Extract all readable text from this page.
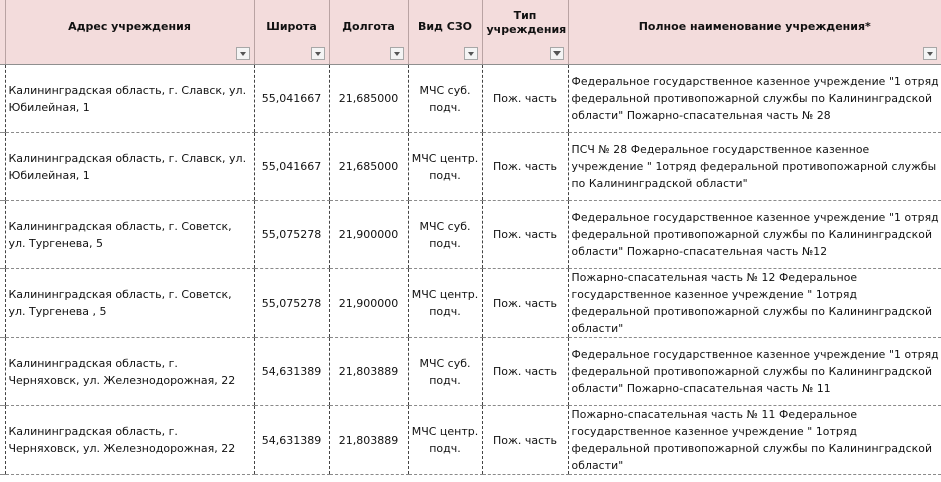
	Адрес учреждения	Широта	Долгота	Вид СЗО	Тип учреждения	Полное наименование учреждения*

	Калининградская область, г. Славск, ул. Юбилейная, 1	55,041667	21,685000	МЧС суб. подч.	Пож. часть	Федеральное государственное казенное учреждение "1 отряд федеральной противопожарной службы по Калининградской области" Пожарно-спасательная часть № 28
	Калининградская область, г. Славск, ул. Юбилейная, 1	55,041667	21,685000	МЧС центр. подч.	Пож. часть	ПСЧ № 28 Федеральное государственное казенное учреждение " 1отряд федеральной противопожарной службы по Калининградской области"
	Калининградская область, г. Советск, ул. Тургенева, 5	55,075278	21,900000	МЧС суб. подч.	Пож. часть	Федеральное государственное казенное учреждение "1 отряд федеральной противопожарной службы по Калининградской области" Пожарно-спасательная часть №12
	Калининградская область, г. Советск, ул. Тургенева , 5	55,075278	21,900000	МЧС центр. подч.	Пож. часть	Пожарно-спасательная часть № 12 Федеральное государственное казенное учреждение " 1отряд федеральной противопожарной службы по Калининградской области"
	Калининградская область, г. Черняховск, ул. Железнодорожная, 22	54,631389	21,803889	МЧС суб. подч.	Пож. часть	Федеральное государственное казенное учреждение "1 отряд федеральной противопожарной службы по Калининградской области" Пожарно-спасательная часть № 11
	Калининградская область, г. Черняховск, ул. Железнодорожная, 22	54,631389	21,803889	МЧС центр. подч.	Пож. часть	Пожарно-спасательная часть № 11 Федеральное государственное казенное учреждение " 1отряд федеральной противопожарной службы по Калининградской области"
